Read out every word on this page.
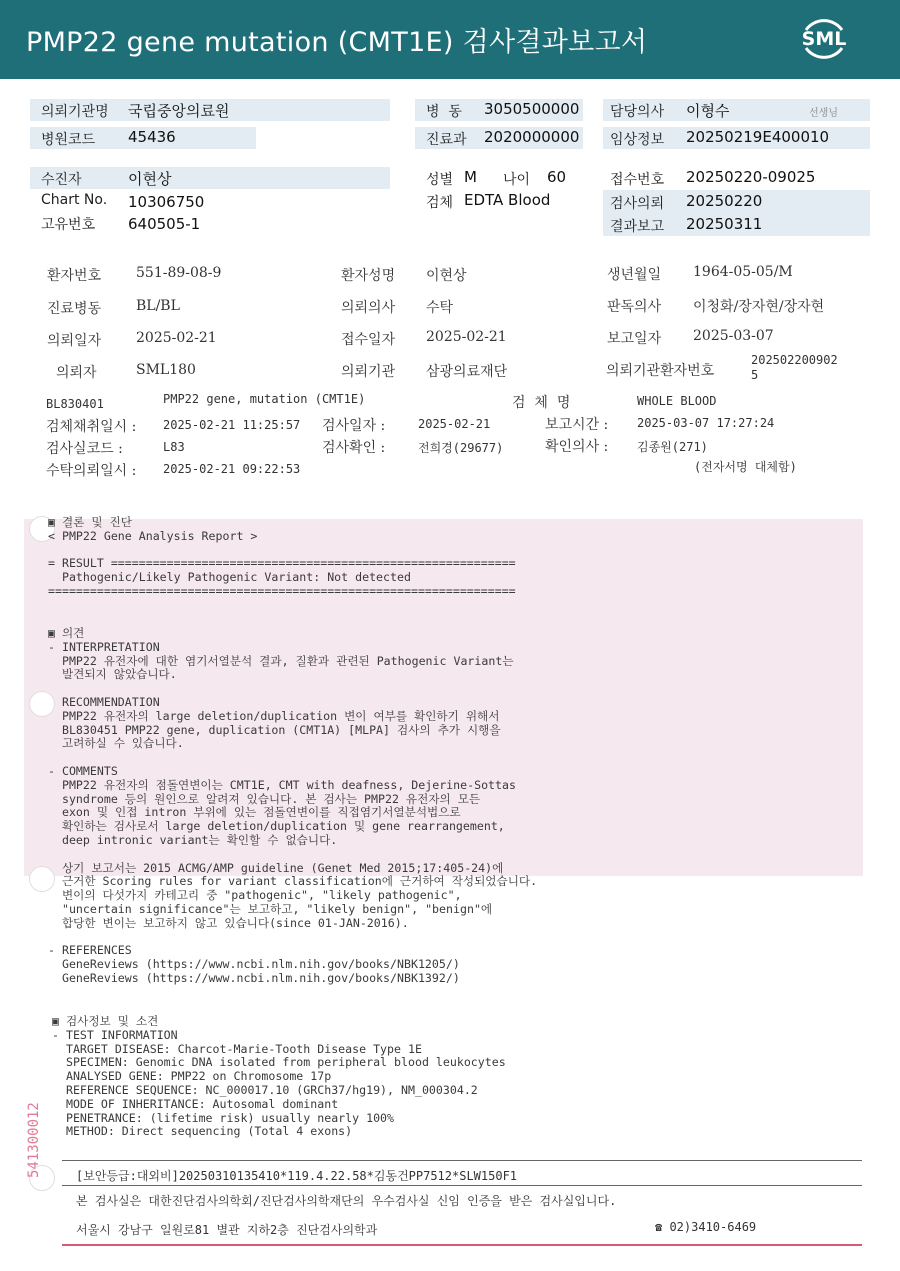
PMP22 gene mutation (CMT1E) 검사결과보고서	SML
의뢰기관명 국립중앙의료원	병  동 3050500000 담당의사 이형수	선생님
병원코드 45436	진료과 2020000000 임상정보 20250219E400010
수진자	이현상	성별 M 나이 60	접수번호 20250220-09025
Chart No. 10306750	검체 EDTA Blood	검사의뢰 20250220
고유번호 640505-1	결과보고 20250311
환자번호 551-89-08-9	환자성명 이현상	생년월일 1964-05-05/M
진료병동 BL/BL	의뢰의사 수탁	판독의사 이청화/장자현/장자현
의뢰일자 2025-02-21	접수일자 2025-02-21	보고일자 2025-03-07
의뢰자	SML180	의뢰기관 삼광의료재단	의뢰기관환자번호
202502200902
5
BL830401	PMP22 gene, mutation (CMT1E)	검  체  명	WHOLE BLOOD
검체채취일시 : 2025-02-21 11:25:57 검사일자 :	2025-02-21	보고시간 : 2025-03-07 17:27:24
검사실코드 :	L83	검사확인 :	전희경(29677)	확인의사 : 김종원(271)
수탁의뢰일시 : 2025-02-21 09:22:53	(전자서명 대체함)
▣ 결론 및 진단
< PMP22 Gene Analysis Report >

= RESULT ==========================================================
Pathogenic/Likely Pathogenic Variant: Not detected
===================================================================
▣ 의견
- INTERPRETATION
PMP22 유전자에 대한 염기서열분석 결과, 질환과 관련된 Pathogenic Variant는
발견되지 않았습니다.

RECOMMENDATION
PMP22 유전자의 large deletion/duplication 변이 여부를 확인하기 위해서
BL830451 PMP22 gene, duplication (CMT1A) [MLPA] 검사의 추가 시행을
고려하실 수 있습니다.

- COMMENTS
PMP22 유전자의 점돌연변이는 CMT1E, CMT with deafness, Dejerine-Sottas
syndrome 등의 원인으로 알려져 있습니다. 본 검사는 PMP22 유전자의 모든
exon 및 인접 intron 부위에 있는 점돌연변이를 직접염기서열분석법으로
확인하는 검사로서 large deletion/duplication 및 gene rearrangement,
deep intronic variant는 확인할 수 없습니다.

상기 보고서는 2015 ACMG/AMP guideline (Genet Med 2015;17:405-24)에
근거한 Scoring rules for variant classification에 근거하여 작성되었습니다.
변이의 다섯가지 카테고리 중 "pathogenic", "likely pathogenic",
"uncertain significance"는 보고하고, "likely benign", "benign"에
합당한 변이는 보고하지 않고 있습니다(since 01-JAN-2016).

- REFERENCES
GeneReviews (https://www.ncbi.nlm.nih.gov/books/NBK1205/)
GeneReviews (https://www.ncbi.nlm.nih.gov/books/NBK1392/)
▣ 검사정보 및 소견
- TEST INFORMATION
TARGET DISEASE: Charcot-Marie-Tooth Disease Type 1E
SPECIMEN: Genomic DNA isolated from peripheral blood leukocytes
ANALYSED GENE: PMP22 on Chromosome 17p
REFERENCE SEQUENCE: NC_000017.10 (GRCh37/hg19), NM_000304.2
MODE OF INHERITANCE: Autosomal dominant
PENETRANCE: (lifetime risk) usually nearly 100%
METHOD: Direct sequencing (Total 4 exons)
541300012	[보안등급:대외비]20250310135410*119.4.22.58*김동건PP7512*SLW150F1
본 검사실은 대한진단검사의학회/진단검사의학재단의 우수검사실 신임 인증을 받은 검사실입니다.
서울시 강남구 일원로81 별관 지하2층 진단검사의학과	☎ 02)3410-6469
